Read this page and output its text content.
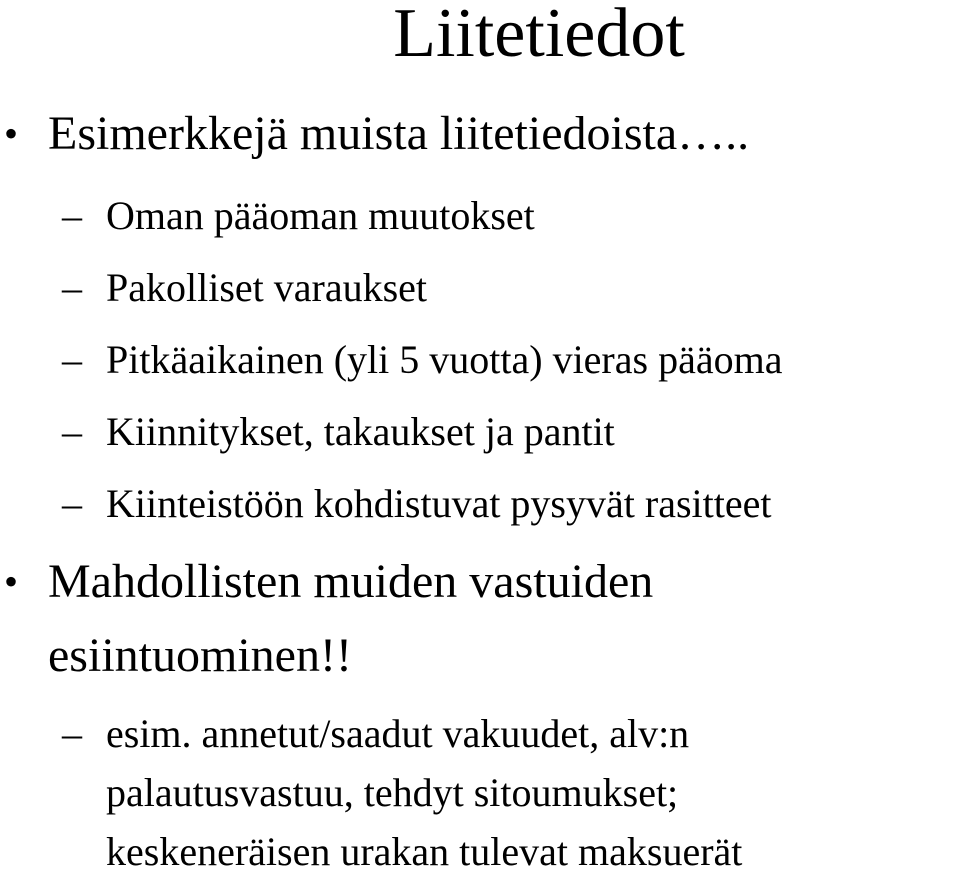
Liitetiedot
• Esimerkkejä muista liitetiedoista…..
– Oman pääoman muutokset
– Pakolliset varaukset
– Pitkäaikainen (yli 5 vuotta) vieras pääoma
– Kiinnitykset, takaukset ja pantit
– Kiinteistöön kohdistuvat pysyvät rasitteet
• Mahdollisten muiden vastuiden
esiintuominen!!
– esim. annetut/saadut vakuudet, alv:n
palautusvastuu, tehdyt sitoumukset;
keskeneräisen urakan tulevat maksuerät
